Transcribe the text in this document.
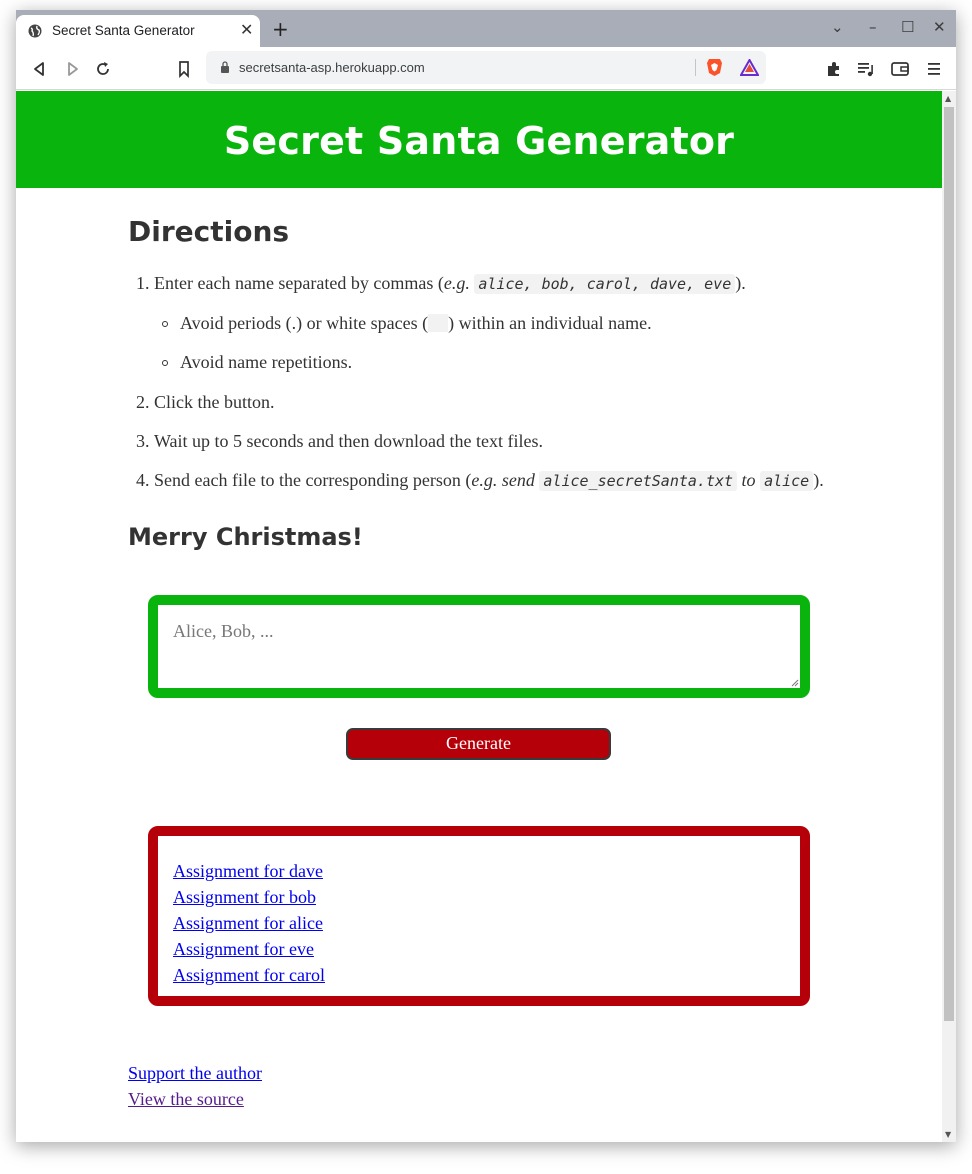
Secret Santa Generator	✕ +	⌄ – ☐ ✕
secretsanta-asp.herokuapp.com
Secret Santa Generator
Directions
1. Enter each name separated by commas (e.g. alice, bob, carol, dave, eve ).
Avoid periods (.) or white spaces ( ) within an individual name.
Avoid name repetitions.
2. Click the button.
3. Wait up to 5 seconds and then download the text files.
4. Send each file to the corresponding person (e.g. send alice_secretSanta.txt to alice ).
Merry Christmas!
Alice, Bob, ...
Generate
Assignment for dave
Assignment for bob
Assignment for alice
Assignment for eve
Assignment for carol
Support the author
View the source
▲
▼
